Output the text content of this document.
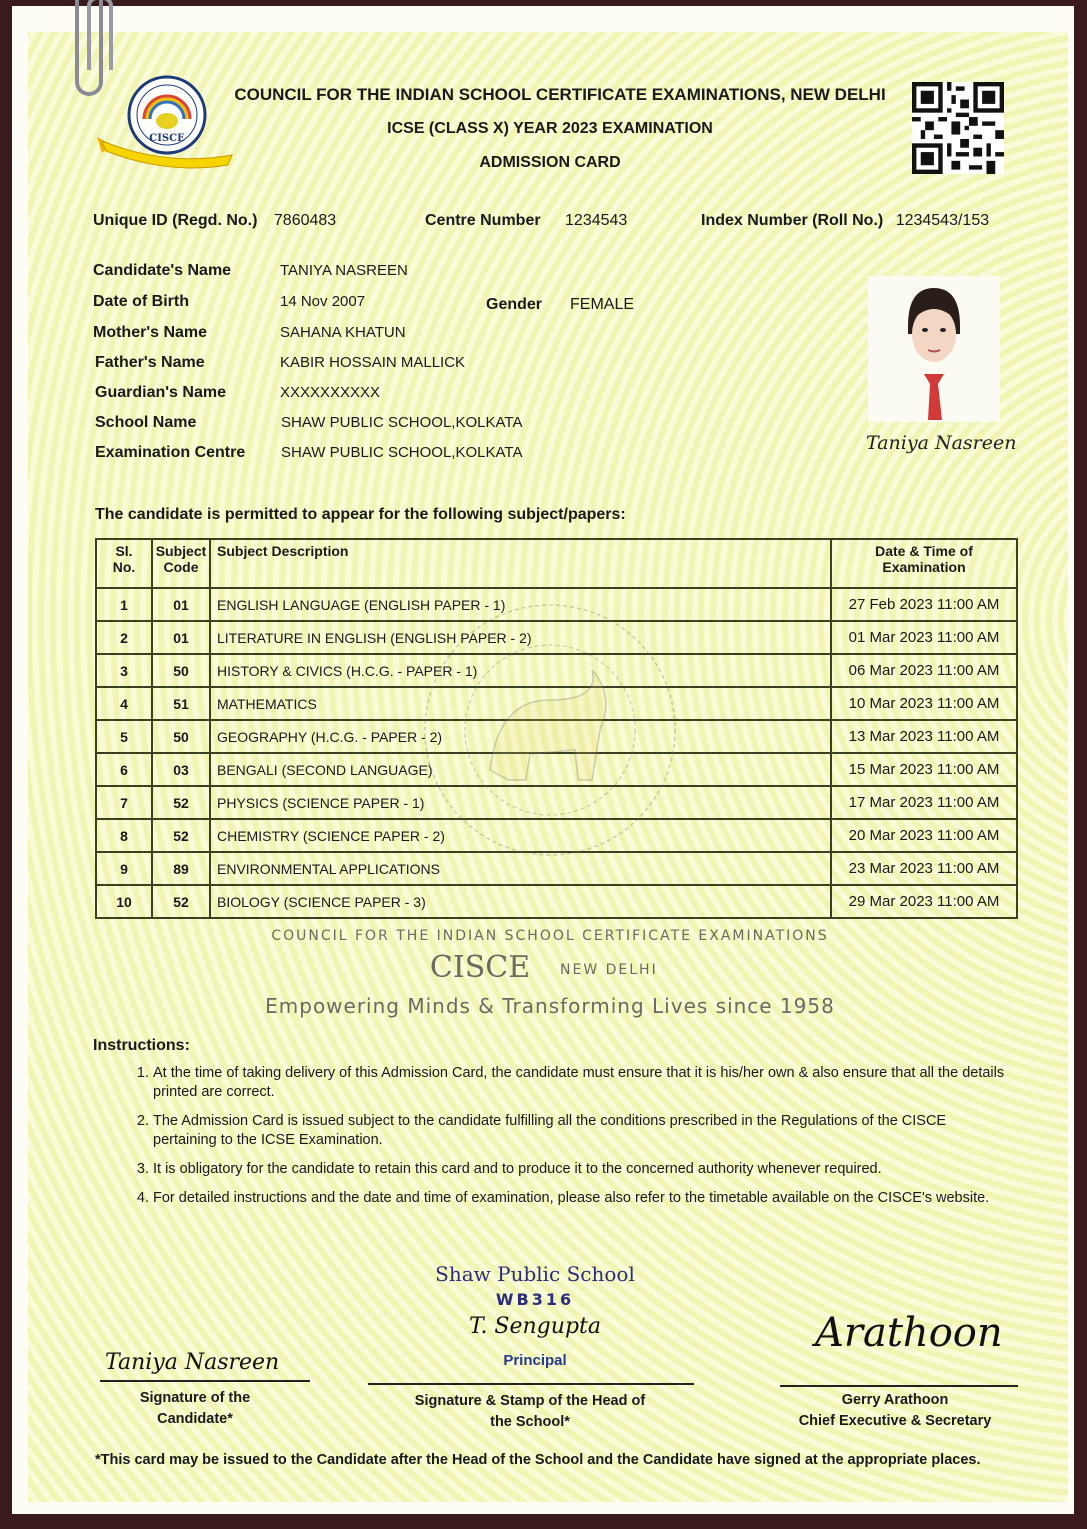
CISCE
COUNCIL FOR THE INDIAN SCHOOL CERTIFICATE EXAMINATIONS, NEW DELHI
ICSE (CLASS X) YEAR 2023 EXAMINATION
ADMISSION CARD
Unique ID (Regd. No.) 7860483	Centre Number 1234543	Index Number (Roll No.) 1234543/153
Candidate's Name	TANIYA NASREEN
Date of Birth	14 Nov 2007	Gender FEMALE
Mother's Name	SAHANA KHATUN
Father's Name	KABIR HOSSAIN MALLICK
Guardian's Name	XXXXXXXXXX
School Name	SHAW PUBLIC SCHOOL,KOLKATA
Examination Centre SHAW PUBLIC SCHOOL,KOLKATA	Taniya Nasreen
The candidate is permitted to appear for the following subject/papers:
Sl. No.	Subject Code	Subject Description	Date & Time of Examination
1	01	ENGLISH LANGUAGE (ENGLISH PAPER - 1)	27 Feb 2023 11:00 AM
2	01	LITERATURE IN ENGLISH (ENGLISH PAPER - 2)	01 Mar 2023 11:00 AM
3	50	HISTORY & CIVICS (H.C.G. - PAPER - 1)	06 Mar 2023 11:00 AM
4	51	MATHEMATICS	10 Mar 2023 11:00 AM
5	50	GEOGRAPHY (H.C.G. - PAPER - 2)	13 Mar 2023 11:00 AM
6	03	BENGALI (SECOND LANGUAGE)	15 Mar 2023 11:00 AM
7	52	PHYSICS (SCIENCE PAPER - 1)	17 Mar 2023 11:00 AM
8	52	CHEMISTRY (SCIENCE PAPER - 2)	20 Mar 2023 11:00 AM
9	89	ENVIRONMENTAL APPLICATIONS	23 Mar 2023 11:00 AM
10	52	BIOLOGY (SCIENCE PAPER - 3)	29 Mar 2023 11:00 AM
COUNCIL FOR THE INDIAN SCHOOL CERTIFICATE EXAMINATIONS
CISCE	NEW DELHI
Empowering Minds & Transforming Lives since 1958
Instructions:
1. At the time of taking delivery of this Admission Card, the candidate must ensure that it is his/her own & also ensure that all the details printed are correct.
2. The Admission Card is issued subject to the candidate fulfilling all the conditions prescribed in the Regulations of the CISCE pertaining to the ICSE Examination.
3. It is obligatory for the candidate to retain this card and to produce it to the concerned authority whenever required.
4. For detailed instructions and the date and time of examination, please also refer to the timetable available on the CISCE's website.
Taniya Nasreen
Signature of the
Candidate*
Shaw Public School
WB316
T. Sengupta
Principal
Signature & Stamp of the Head of
the School*
Arathoon
Gerry Arathoon
Chief Executive & Secretary
*This card may be issued to the Candidate after the Head of the School and the Candidate have signed at the appropriate places.
